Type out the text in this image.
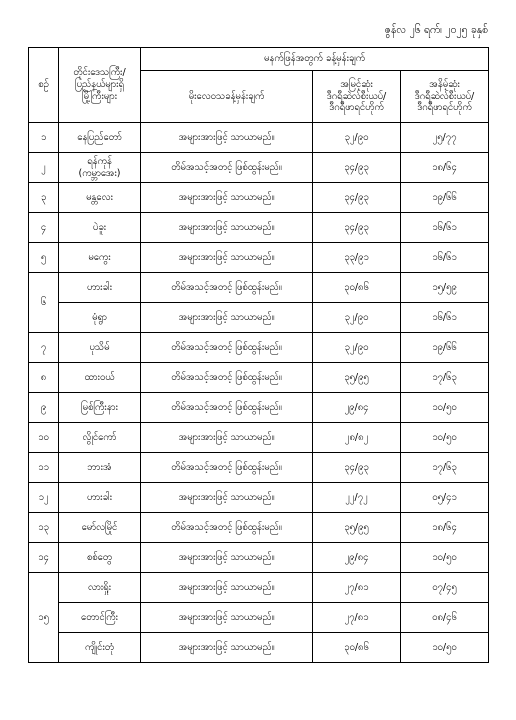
ဇွန်လ ၂၆ ရက်၊ ၂၀၂၅ ခုနှစ်
စဉ်	တိုင်းဒေသကြီး/
ပြည်နယ်များရှိ
မြို့ကြီးများ	မနက်ဖြန်အတွက် ခန့်မှန်းချက်		
		မိုးလေဝသခန့်မှန်းချက်	အမြင့်ဆုံး
ဒီဂရီဆဲလ်စီးယပ်/
ဒီဂရီဖာရင်ဟိုက်	အနိမ့်ဆုံး
ဒီဂရီဆဲလ်စီးယပ်/
ဒီဂရီဖာရင်ဟိုက်

၁	နေပြည်တော်	အများအားဖြင့် သာယာမည်။	၃၂/၉၀	၂၅/၇၇
၂	ရန်ကုန်
(ကမ္ဘာအေး)	တိမ်အသင့်အတင့် ဖြစ်ထွန်းမည်။	၃၄/၉၃	၁၈/၆၄
၃	မန္တလေး	အများအားဖြင့် သာယာမည်။	၃၄/၉၃	၁၉/၆၆
၄	ပဲခူး	အများအားဖြင့် သာယာမည်။	၃၄/၉၃	၁၆/၆၁
၅	မကွေး	အများအားဖြင့် သာယာမည်။	၃၃/၉၁	၁၆/၆၁
၆	ဟားခါး	တိမ်အသင့်အတင့် ဖြစ်ထွန်းမည်။	၃၀/၈၆	၁၅/၅၉

	မုံရွာ	အများအားဖြင့် သာယာမည်။	၃၂/၉၀	၁၆/၆၁
၇	ပုသိမ်	တိမ်အသင့်အတင့် ဖြစ်ထွန်းမည်။	၃၂/၉၀	၁၉/၆၆
၈	ထားဝယ်	တိမ်အသင့်အတင့် ဖြစ်ထွန်းမည်။	၃၅/၉၅	၁၇/၆၃
၉	မြစ်ကြီးနား	တိမ်အသင့်အတင့် ဖြစ်ထွန်းမည်။	၂၉/၈၄	၁၀/၅၀
၁၀	လွိုင်ကော်	အများအားဖြင့် သာယာမည်။	၂၈/၈၂	၁၀/၅၀
၁၁	ဘားအံ	တိမ်အသင့်အတင့် ဖြစ်ထွန်းမည်။	၃၄/၉၃	၁၇/၆၃
၁၂	ဟားခါး	အများအားဖြင့် သာယာမည်။	၂၂/၇၂	၀၅/၄၁
၁၃	မော်လမြိုင်	တိမ်အသင့်အတင့် ဖြစ်ထွန်းမည်။	၃၅/၉၅	၁၈/၆၄
၁၄	စစ်တွေ	အများအားဖြင့် သာယာမည်။	၂၉/၈၄	၁၀/၅၀
၁၅	လားရှိုး	အများအားဖြင့် သာယာမည်။	၂၇/၈၁	၀၇/၄၅

	တောင်ကြီး	အများအားဖြင့် သာယာမည်။	၂၇/၈၁	၀၈/၄၆

	ကျိုင်းတုံ	အများအားဖြင့် သာယာမည်။	၃၀/၈၆	၁၀/၅၀
